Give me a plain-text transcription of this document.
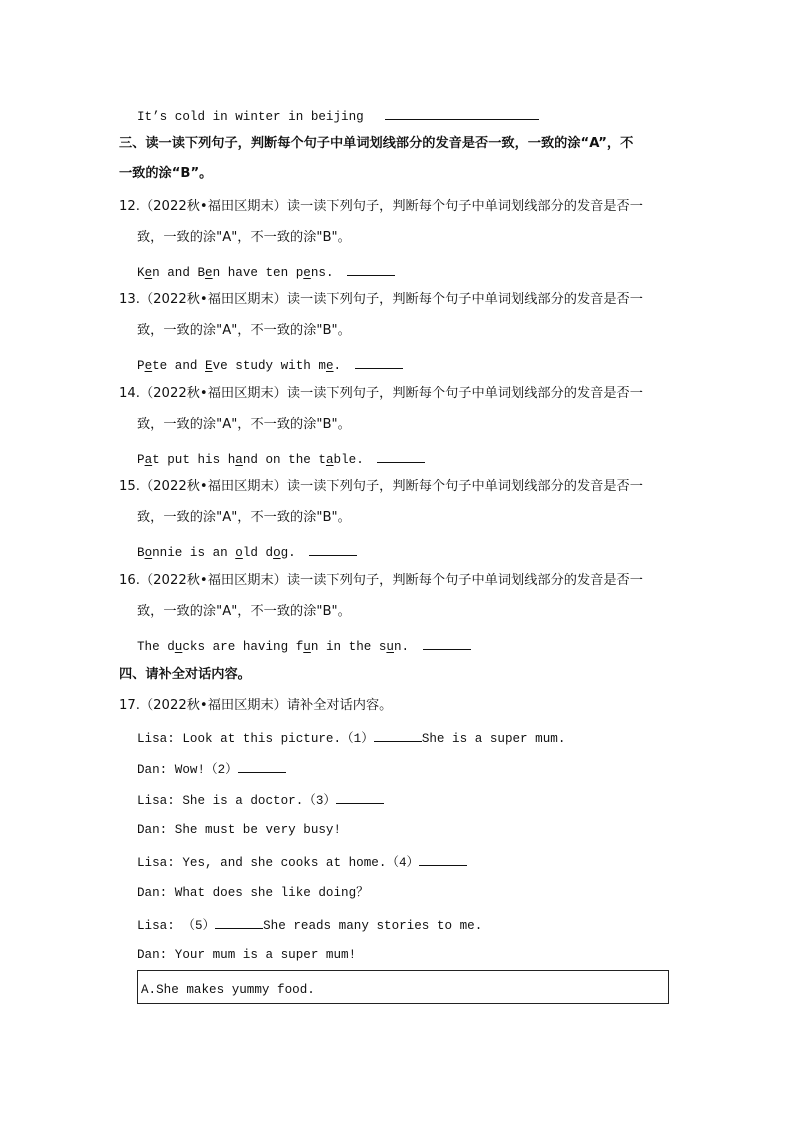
It’s cold in winter in beijing
三、读一读下列句子，判断每个句子中单词划线部分的发音是否一致，一致的涂“A”，不
一致的涂“B”。
12.（2022秋•福田区期末）读一读下列句子，判断每个句子中单词划线部分的发音是否一
致，一致的涂"A"，不一致的涂"B"。
Ken and Ben have ten pens.
13.（2022秋•福田区期末）读一读下列句子，判断每个句子中单词划线部分的发音是否一
致，一致的涂"A"，不一致的涂"B"。
Pete and Eve study with me.
14.（2022秋•福田区期末）读一读下列句子，判断每个句子中单词划线部分的发音是否一
致，一致的涂"A"，不一致的涂"B"。
Pat put his hand on the table.
15.（2022秋•福田区期末）读一读下列句子，判断每个句子中单词划线部分的发音是否一
致，一致的涂"A"，不一致的涂"B"。
Bonnie is an old dog.
16.（2022秋•福田区期末）读一读下列句子，判断每个句子中单词划线部分的发音是否一
致，一致的涂"A"，不一致的涂"B"。
The ducks are having fun in the sun.
四、请补全对话内容。
17.（2022秋•福田区期末）请补全对话内容。
Lisa: Look at this picture.（1）	She is a super mum.
Dan: Wow!（2）
Lisa: She is a doctor.（3）
Dan: She must be very busy!
Lisa: Yes, and she cooks at home.（4）
Dan: What does she like doing？
Lisa: （5）	She reads many stories to me.
Dan: Your mum is a super mum!
A.She makes yummy food.
